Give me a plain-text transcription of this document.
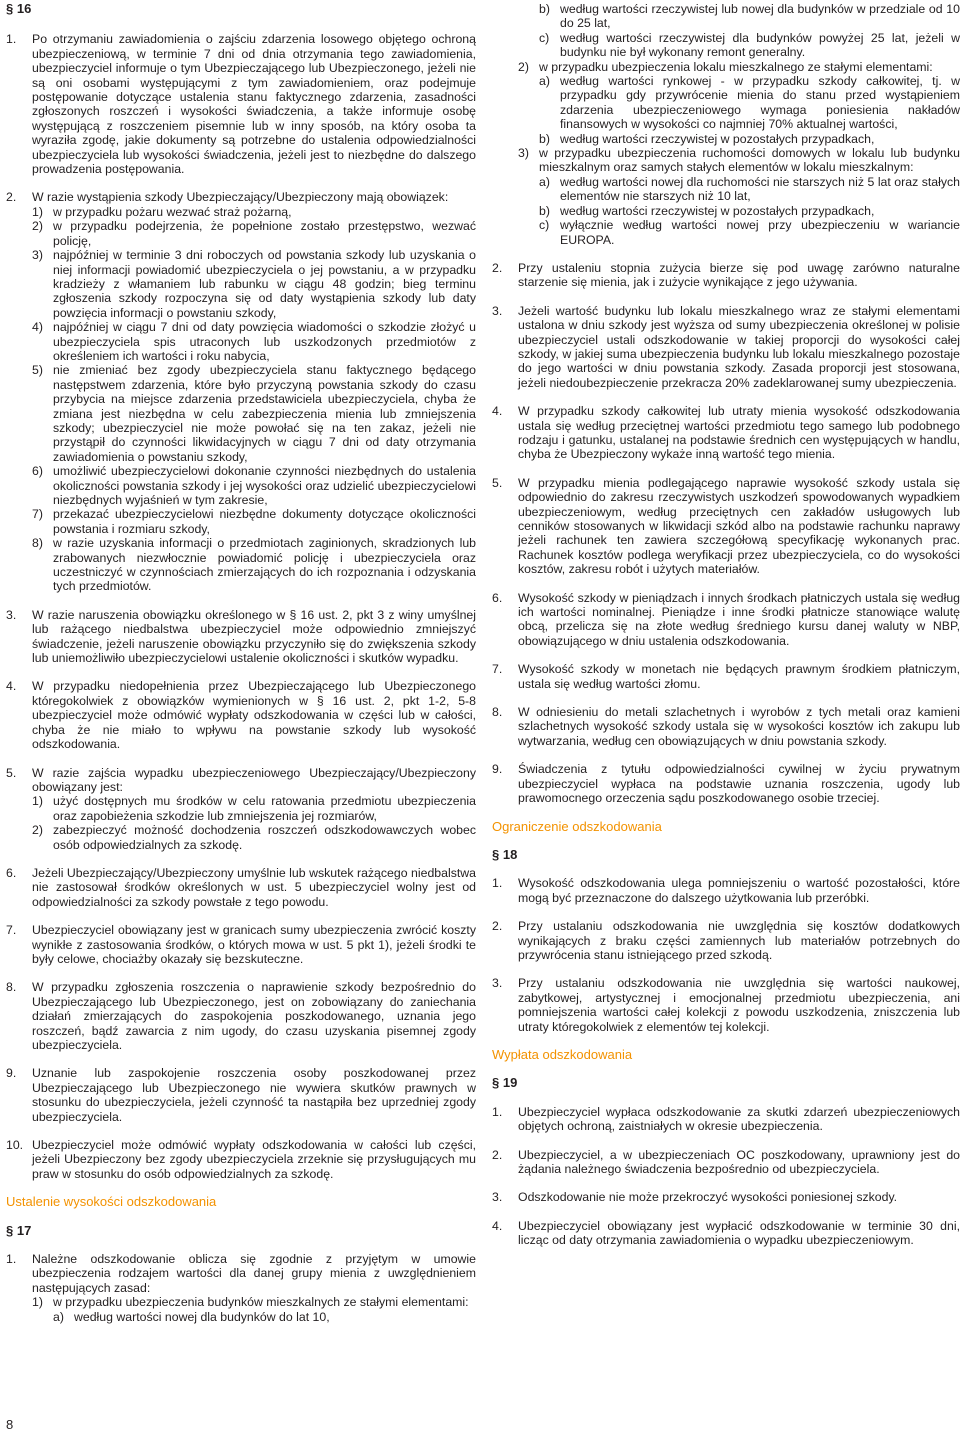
§ 16

1. Po otrzymaniu zawiadomienia o zajściu zdarzenia losowego objętego ochroną ubezpieczeniową, w terminie 7 dni od dnia otrzymania tego zawiadomienia, ubezpieczyciel informuje o tym Ubezpieczającego lub Ubezpieczonego, jeżeli nie są oni osobami występującymi z tym zawiadomieniem, oraz podejmuje postępowanie dotyczące ustalenia stanu faktycznego zdarzenia, zasadności zgłoszonych roszczeń i wysokości świadczenia, a także informuje osobę występującą z roszczeniem pisemnie lub w inny sposób, na który osoba ta wyraziła zgodę, jakie dokumenty są potrzebne do ustalenia odpowiedzialności ubezpieczyciela lub wysokości świadczenia, jeżeli jest to niezbędne do dalszego prowadzenia postępowania.
2. W razie wystąpienia szkody Ubezpieczający/Ubezpieczony mają obowiązek:
1) w przypadku pożaru wezwać straż pożarną,
2) w przypadku podejrzenia, że popełnione zostało przestępstwo, wezwać policję,
3) najpóźniej w terminie 3 dni roboczych od powstania szkody lub uzyskania o niej informacji powiadomić ubezpieczyciela o jej powstaniu, a w przypadku kradzieży z włamaniem lub rabunku w ciągu 48 godzin; bieg terminu zgłoszenia szkody rozpoczyna się od daty wystąpienia szkody lub daty powzięcia informacji o powstaniu szkody,
4) najpóźniej w ciągu 7 dni od daty powzięcia wiadomości o szkodzie złożyć u ubezpieczyciela spis utraconych lub uszkodzonych przedmiotów z określeniem ich wartości i roku nabycia,
5) nie zmieniać bez zgody ubezpieczyciela stanu faktycznego będącego następstwem zdarzenia, które było przyczyną powstania szkody do czasu przybycia na miejsce zdarzenia przedstawiciela ubezpieczyciela, chyba że zmiana jest niezbędna w celu zabezpieczenia mienia lub zmniejszenia szkody; ubezpieczyciel nie może powołać się na ten zakaz, jeżeli nie przystąpił do czynności likwidacyjnych w ciągu 7 dni od daty otrzymania zawiadomienia o powstaniu szkody,
6) umożliwić ubezpieczycielowi dokonanie czynności niezbędnych do ustalenia okoliczności powstania szkody i jej wysokości oraz udzielić ubezpieczycielowi niezbędnych wyjaśnień w tym zakresie,
7) przekazać ubezpieczycielowi niezbędne dokumenty dotyczące okoliczności powstania i rozmiaru szkody,
8) w razie uzyskania informacji o przedmiotach zaginionych, skradzionych lub zrabowanych niezwłocznie powiadomić policję i ubezpieczyciela oraz uczestniczyć w czynnościach zmierzających do ich rozpoznania i odzyskania tych przedmiotów.
3. W razie naruszenia obowiązku określonego w § 16 ust. 2, pkt 3 z winy umyślnej lub rażącego niedbalstwa ubezpieczyciel może odpowiednio zmniejszyć świadczenie, jeżeli naruszenie obowiązku przyczyniło się do zwiększenia szkody lub uniemożliwiło ubezpieczycielowi ustalenie okoliczności i skutków wypadku.
4. W przypadku niedopełnienia przez Ubezpieczającego lub Ubezpieczonego któregokolwiek z obowiązków wymienionych w § 16 ust. 2, pkt 1-2, 5-8 ubezpieczyciel może odmówić wypłaty odszkodowania w części lub w całości, chyba że nie miało to wpływu na powstanie szkody lub wysokość odszkodowania.
5. W razie zajścia wypadku ubezpieczeniowego Ubezpieczający/Ubezpieczony obowiązany jest:
1) użyć dostępnych mu środków w celu ratowania przedmiotu ubezpieczenia oraz zapobieżenia szkodzie lub zmniejszenia jej rozmiarów,
2) zabezpieczyć możność dochodzenia roszczeń odszkodowawczych wobec osób odpowiedzialnych za szkodę.
6. Jeżeli Ubezpieczający/Ubezpieczony umyślnie lub wskutek rażącego niedbalstwa nie zastosował środków określonych w ust. 5 ubezpieczyciel wolny jest od odpowiedzialności za szkody powstałe z tego powodu.
7. Ubezpieczyciel obowiązany jest w granicach sumy ubezpieczenia zwrócić koszty wynikłe z zastosowania środków, o których mowa w ust. 5 pkt 1), jeżeli środki te były celowe, chociażby okazały się bezskuteczne.
8. W przypadku zgłoszenia roszczenia o naprawienie szkody bezpośrednio do Ubezpieczającego lub Ubezpieczonego, jest on zobowiązany do zaniechania działań zmierzających do zaspokojenia poszkodowanego, uznania jego roszczeń, bądź zawarcia z nim ugody, do czasu uzyskania pisemnej zgody ubezpieczyciela.
9. Uznanie lub zaspokojenie roszczenia osoby poszkodowanej przez Ubezpieczającego lub Ubezpieczonego nie wywiera skutków prawnych w stosunku do ubezpieczyciela, jeżeli czynność ta nastąpiła bez uprzedniej zgody ubezpieczyciela.
10. Ubezpieczyciel może odmówić wypłaty odszkodowania w całości lub części, jeżeli Ubezpieczony bez zgody ubezpieczyciela zrzeknie się przysługujących mu praw w stosunku do osób odpowiedzialnych za szkodę.

Ustalenie wysokości odszkodowania

§ 17

1. Należne odszkodowanie oblicza się zgodnie z przyjętym w umowie ubezpieczenia rodzajem wartości dla danej grupy mienia z uwzględnieniem następujących zasad:
1) w przypadku ubezpieczenia budynków mieszkalnych ze stałymi elementami:
a) według wartości nowej dla budynków do lat 10,
b) według wartości rzeczywistej lub nowej dla budynków w przedziale od 10 do 25 lat,
c) według wartości rzeczywistej dla budynków powyżej 25 lat, jeżeli w budynku nie był wykonany remont generalny.
2) w przypadku ubezpieczenia lokalu mieszkalnego ze stałymi elementami:
a) według wartości rynkowej - w przypadku szkody całkowitej, tj. w przypadku gdy przywrócenie mienia do stanu przed wystąpieniem zdarzenia ubezpieczeniowego wymaga poniesienia nakładów finansowych w wysokości co najmniej 70% aktualnej wartości,
b) według wartości rzeczywistej w pozostałych przypadkach,
3) w przypadku ubezpieczenia ruchomości domowych w lokalu lub budynku mieszkalnym oraz samych stałych elementów w lokalu mieszkalnym:
a) według wartości nowej dla ruchomości nie starszych niż 5 lat oraz stałych elementów nie starszych niż 10 lat,
b) według wartości rzeczywistej w pozostałych przypadkach,
c) wyłącznie według wartości nowej przy ubezpieczeniu w wariancie EUROPA.
2. Przy ustaleniu stopnia zużycia bierze się pod uwagę zarówno naturalne starzenie się mienia, jak i zużycie wynikające z jego używania.
3. Jeżeli wartość budynku lub lokalu mieszkalnego wraz ze stałymi elementami ustalona w dniu szkody jest wyższa od sumy ubezpieczenia określonej w polisie ubezpieczyciel ustali odszkodowanie w takiej proporcji do wysokości całej szkody, w jakiej suma ubezpieczenia budynku lub lokalu mieszkalnego pozostaje do jego wartości w dniu powstania szkody. Zasada proporcji jest stosowana, jeżeli niedoubezpieczenie przekracza 20% zadeklarowanej sumy ubezpieczenia.
4. W przypadku szkody całkowitej lub utraty mienia wysokość odszkodowania ustala się według przeciętnej wartości przedmiotu tego samego lub podobnego rodzaju i gatunku, ustalanej na podstawie średnich cen występujących w handlu, chyba że Ubezpieczony wykaże inną wartość tego mienia.
5. W przypadku mienia podlegającego naprawie wysokość szkody ustala się odpowiednio do zakresu rzeczywistych uszkodzeń spowodowanych wypadkiem ubezpieczeniowym, według przeciętnych cen zakładów usługowych lub cenników stosowanych w likwidacji szkód albo na podstawie rachunku naprawy jeżeli rachunek ten zawiera szczegółową specyfikację wykonanych prac. Rachunek kosztów podlega weryfikacji przez ubezpieczyciela, co do wysokości kosztów, zakresu robót i użytych materiałów.
6. Wysokość szkody w pieniądzach i innych środkach płatniczych ustala się według ich wartości nominalnej. Pieniądze i inne środki płatnicze stanowiące walutę obcą, przelicza się na złote według średniego kursu danej waluty w NBP, obowiązującego w dniu ustalenia odszkodowania.
7. Wysokość szkody w monetach nie będących prawnym środkiem płatniczym, ustala się według wartości złomu.
8. W odniesieniu do metali szlachetnych i wyrobów z tych metali oraz kamieni szlachetnych wysokość szkody ustala się w wysokości kosztów ich zakupu lub wytwarzania, według cen obowiązujących w dniu powstania szkody.
9. Świadczenia z tytułu odpowiedzialności cywilnej w życiu prywatnym ubezpieczyciel wypłaca na podstawie uznania roszczenia, ugody lub prawomocnego orzeczenia sądu poszkodowanego osobie trzeciej.

Ograniczenie odszkodowania

§ 18

1. Wysokość odszkodowania ulega pomniejszeniu o wartość pozostałości, które mogą być przeznaczone do dalszego użytkowania lub przeróbki.
2. Przy ustalaniu odszkodowania nie uwzględnia się kosztów dodatkowych wynikających z braku części zamiennych lub materiałów potrzebnych do przywrócenia stanu istniejącego przed szkodą.
3. Przy ustalaniu odszkodowania nie uwzględnia się wartości naukowej, zabytkowej, artystycznej i emocjonalnej przedmiotu ubezpieczenia, ani pomniejszenia wartości całej kolekcji z powodu uszkodzenia, zniszczenia lub utraty któregokolwiek z elementów tej kolekcji.

Wypłata odszkodowania

§ 19

1. Ubezpieczyciel wypłaca odszkodowanie za skutki zdarzeń ubezpieczeniowych objętych ochroną, zaistniałych w okresie ubezpieczenia.
2. Ubezpieczyciel, a w ubezpieczeniach OC poszkodowany, uprawniony jest do żądania należnego świadczenia bezpośrednio od ubezpieczyciela.
3. Odszkodowanie nie może przekroczyć wysokości poniesionej szkody.
4. Ubezpieczyciel obowiązany jest wypłacić odszkodowanie w terminie 30 dni, licząc od daty otrzymania zawiadomienia o wypadku ubezpieczeniowym.
8
